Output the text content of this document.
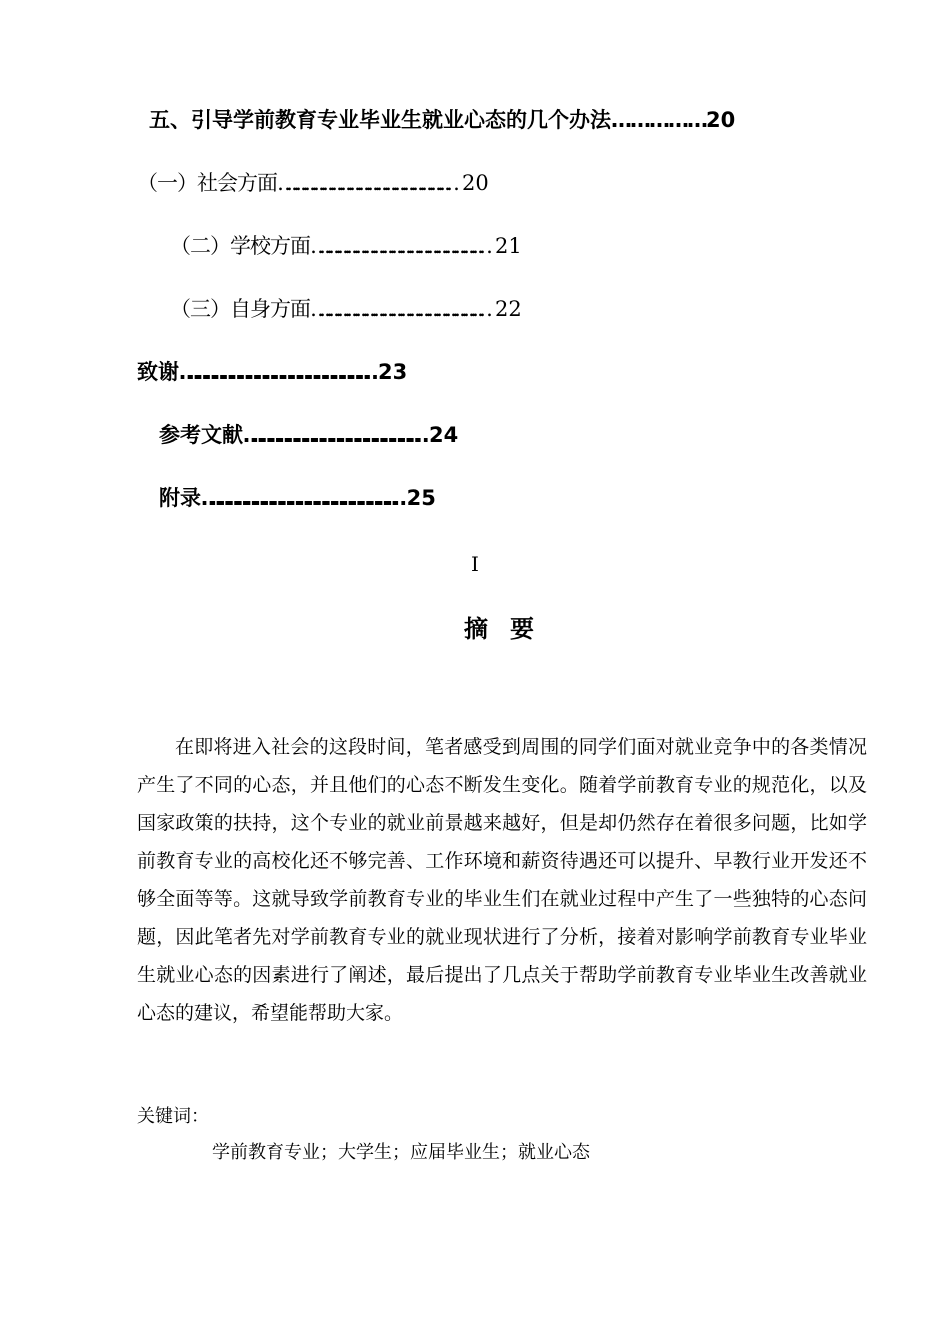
五、引导学前教育专业毕业生就业心态的几个办法……………20
（一）社会方面…………………………………………………20
（二）学校方面…………………………………………………21
（三）自身方面…………………………………………………22
致谢………………………………………………………… 23
参考文献…………………………………………………… 24
附录………………………………………………………… 25
I
摘要

在即将进入社会的这段时间，笔者感受到周围的同学们面对就业竞争中的各类情况产生了不同的心态，并且他们的心态不断发生变化。随着学前教育专业的规范化，以及国家政策的扶持，这个专业的就业前景越来越好，但是却仍然存在着很多问题，比如学前教育专业的高校化还不够完善、工作环境和薪资待遇还可以提升、早教行业开发还不够全面等等。这就导致学前教育专业的毕业生们在就业过程中产生了一些独特的心态问题，因此笔者先对学前教育专业的就业现状进行了分析，接着对影响学前教育专业毕业生就业心态的因素进行了阐述，最后提出了几点关于帮助学前教育专业毕业生改善就业心态的建议，希望能帮助大家。

关键词：
学前教育专业；大学生；应届毕业生；就业心态
